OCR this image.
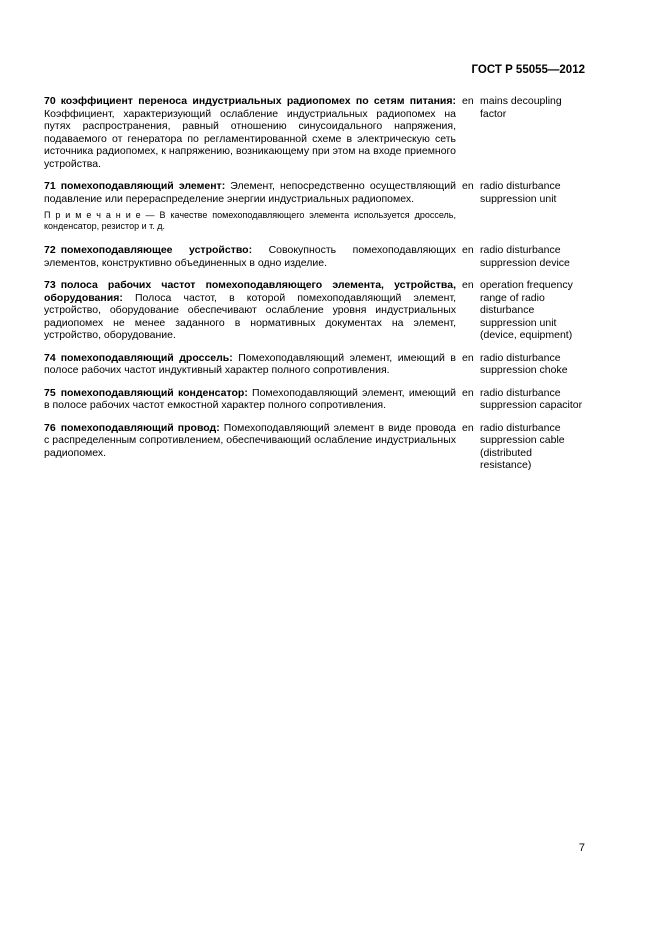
ГОСТ Р 55055—2012

70 коэффициент переноса индустриальных радиопомех по сетям питания: Коэффициент, характеризующий ослабление индустриальных радиопомех на путях распространения, равный отношению синусоидального напряжения, подаваемого от генератора по регламентированной схеме в электрическую сеть источника радиопомех, к напряжению, возникающему при этом на входе приемного устройства.

en mains decoupling factor

71 помехоподавляющий элемент: Элемент, непосредственно осуществляющий подавление или перераспределение энергии индустриальных радиопомех.

П р и м е ч а н и е — В качестве помехоподавляющего элемента используется дроссель, конденсатор, резистор и т. д.

en radio disturbance suppression unit

72 помехоподавляющее устройство: Совокупность помехоподавляющих элементов, конструктивно объединенных в одно изделие.

en radio disturbance suppression device

73 полоса рабочих частот помехоподавляющего элемента, устройства, оборудования: Полоса частот, в которой помехоподавляющий элемент, устройство, оборудование обеспечивают ослабление уровня индустриальных радиопомех не менее заданного в нормативных документах на элемент, устройство, оборудование.

en operation frequency range of radio disturbance suppression unit (device, equipment)

74 помехоподавляющий дроссель: Помехоподавляющий элемент, имеющий в полосе рабочих частот индуктивный характер полного сопротивления.

en radio disturbance suppression choke

75 помехоподавляющий конденсатор: Помехоподавляющий элемент, имеющий в полосе рабочих частот емкостной характер полного сопротивления.

en radio disturbance suppression capacitor

76 помехоподавляющий провод: Помехоподавляющий элемент в виде провода с распределенным сопротивлением, обеспечивающий ослабление индустриальных радиопомех.

en radio disturbance suppression cable (distributed resistance)
7
